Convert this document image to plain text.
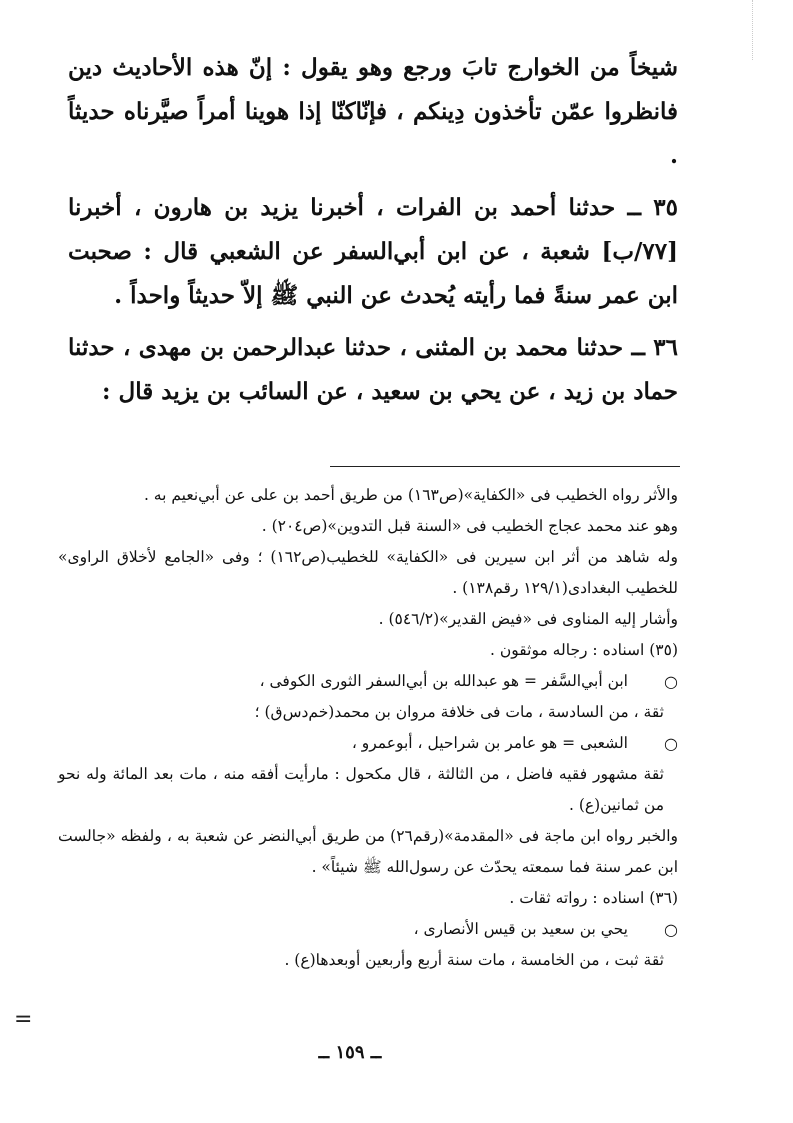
=

شيخاً من الخوارج تابَ ورجع وهو يقول : إنّ هذه الأحاديث دين فانظروا عمّن تأخذون دِينكم ، فإنّاكنّا إذا هوينا أمراً صيَّرناه حديثاً .

٣٥ ــ حدثنا أحمد بن الفرات ، أخبرنا يزيد بن هارون ، أخبرنا [٧٧/ب] شعبة ، عن ابن أبي‌السفر عن الشعبي قال : صحبت ابن عمر سنةً فما رأيته يُحدث عن النبي ﷺ إلاّ حديثاً واحداً .

٣٦ ــ حدثنا محمد بن المثنى ، حدثنا عبدالرحمن بن مهدى ، حدثنا حماد بن زيد ، عن يحي بن سعيد ، عن السائب بن يزيد قال :

والأثر رواه الخطيب فى «الكفاية»(ص١٦٣) من طريق أحمد بن على عن أبي‌نعيم به .

وهو عند محمد عجاج الخطيب فى «السنة قبل التدوين»(ص٢٠٤) .

وله شاهد من أثر ابن سيرين فى «الكفاية» للخطيب(ص١٦٢) ؛ وفى «الجامع لأخلاق الراوى» للخطيب البغدادى(١٢٩/١ رقم١٣٨) .

وأشار إليه المناوى فى «فيض القدير»(٥٤٦/٢) .

(٣٥) اسناده : رجاله موثقون .

○
ابن أبي‌السَّفر = هو عبدالله بن أبي‌السفر الثورى الكوفى ،

ثقة ، من السادسة ، مات فى خلافة مروان بن محمد(خم‌دس‌ق) ؛

○
الشعبى = هو عامر بن شراحيل ، أبوعمرو ،

ثقة مشهور فقيه فاضل ، من الثالثة ، قال مكحول : مارأيت أفقه منه ، مات بعد المائة وله نحو من ثمانين(ع) .

والخبر رواه ابن ماجة فى «المقدمة»(رقم٢٦) من طريق أبي‌النضر عن شعبة به ، ولفظه «جالست ابن عمر سنة فما سمعته يحدّث عن رسول‌الله ﷺ شيئاً» .

(٣٦) اسناده : رواته ثقات .

○
يحي بن سعيد بن قيس الأنصارى ،

ثقة ثبت ، من الخامسة ، مات سنة أربع وأربعين أوبعدها(ع) .

ــ ١٥٩ ــ
